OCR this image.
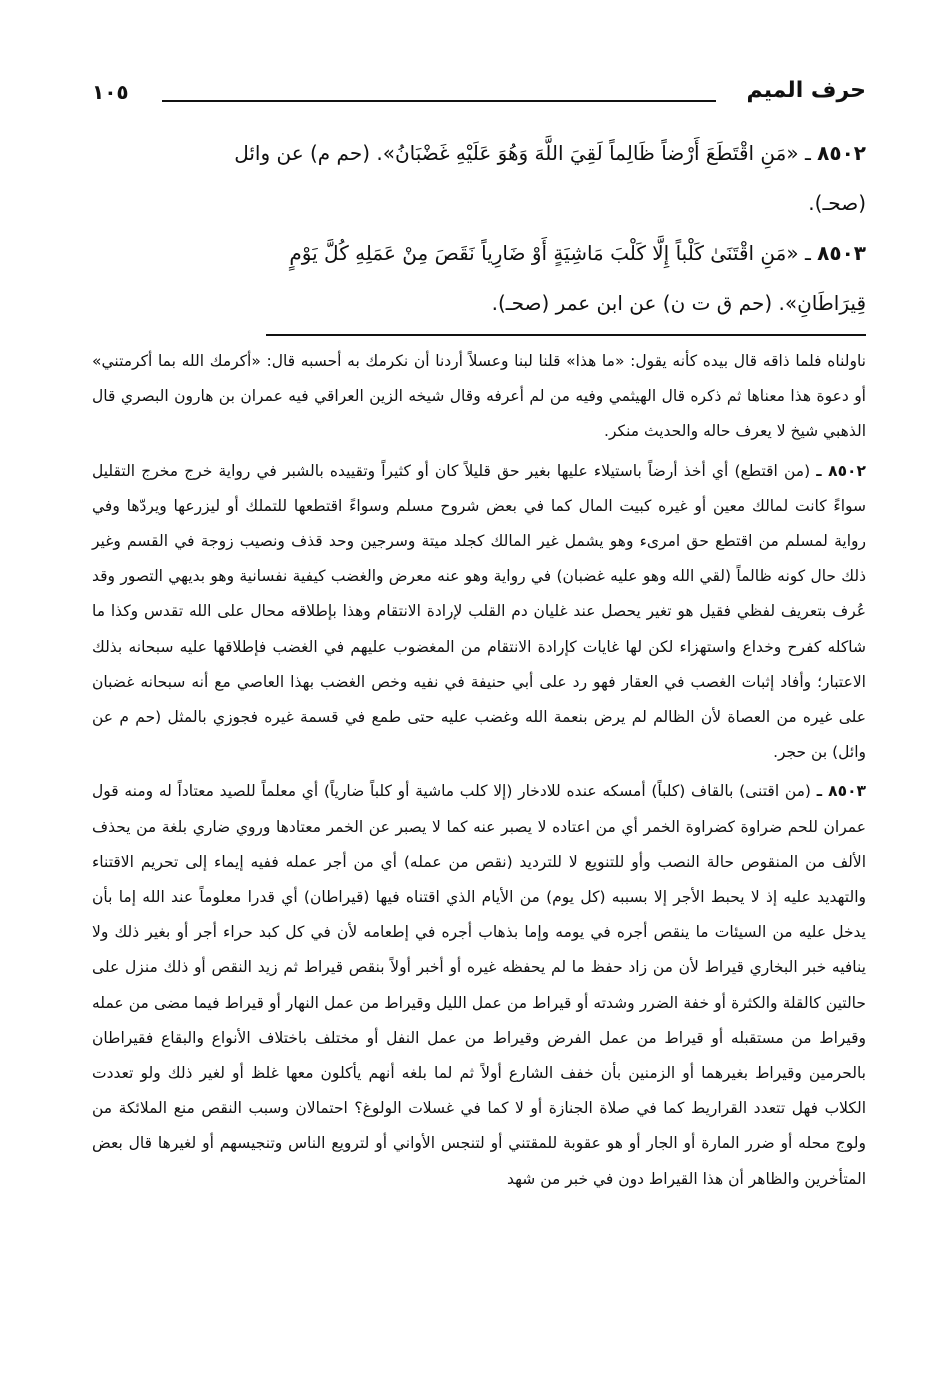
حرف الميم
١٠٥

٨٥٠٢ ـ «مَنِ اقْتَطَعَ أَرْضاً ظَالِماً لَقِيَ اللَّهَ وَهُوَ عَلَيْهِ غَضْبَانُ». (حم م) عن وائل

(صحـ).

٨٥٠٣ ـ «مَنِ اقْتَنَىٰ كَلْباً إِلَّا كَلْبَ مَاشِيَةٍ أَوْ ضَارِياً نَقَصَ مِنْ عَمَلِهِ كُلَّ يَوْمٍ

قِيرَاطَانِ». (حم ق ت ن) عن ابن عمر (صحـ).

ناولناه فلما ذاقه قال بيده كأنه يقول: «ما هذا» قلنا لبنا وعسلاً أردنا أن نكرمك به أحسبه قال: «أكرمك الله بما أكرمتني» أو دعوة هذا معناها ثم ذكره قال الهيثمي وفيه من لم أعرفه وقال شيخه الزين العراقي فيه عمران بن هارون البصري قال الذهبي شيخ لا يعرف حاله والحديث منكر.

٨٥٠٢ ـ (من اقتطع) أي أخذ أرضاً باستيلاء عليها بغير حق قليلاً كان أو كثيراً وتقييده بالشبر في رواية خرج مخرج التقليل سواءً كانت لمالك معين أو غيره كبيت المال كما في بعض شروح مسلم وسواءً اقتطعها للتملك أو ليزرعها ويردّها وفي رواية لمسلم من اقتطع حق امرىء وهو يشمل غير المالك كجلد ميتة وسرجين وحد قذف ونصيب زوجة في القسم وغير ذلك حال كونه ظالماً (لقي الله وهو عليه غضبان) في رواية وهو عنه معرض والغضب كيفية نفسانية وهو بديهي التصور وقد عُرف بتعريف لفظي فقيل هو تغير يحصل عند غليان دم القلب لإرادة الانتقام وهذا بإطلاقه محال على الله تقدس وكذا ما شاكله كفرح وخداع واستهزاء لكن لها غايات كإرادة الانتقام من المغضوب عليهم في الغضب فإطلاقها عليه سبحانه بذلك الاعتبار؛ وأفاد إثبات الغصب في العقار فهو رد على أبي حنيفة في نفيه وخص الغضب بهذا العاصي مع أنه سبحانه غضبان على غيره من العصاة لأن الظالم لم يرض بنعمة الله وغضب عليه حتى طمع في قسمة غيره فجوزي بالمثل (حم م عن وائل) بن حجر.

٨٥٠٣ ـ (من اقتنى) بالقاف (كلباً) أمسكه عنده للادخار (إلا كلب ماشية أو كلباً ضارياً) أي معلماً للصيد معتاداً له ومنه قول عمران للحم ضراوة كضراوة الخمر أي من اعتاده لا يصبر عنه كما لا يصبر عن الخمر معتادها وروي ضاري بلغة من يحذف الألف من المنقوص حالة النصب وأو للتنويع لا للترديد (نقص من عمله) أي من أجر عمله ففيه إيماء إلى تحريم الاقتناء والتهديد عليه إذ لا يحبط الأجر إلا بسببه (كل يوم) من الأيام الذي اقتناه فيها (قيراطان) أي قدرا معلوماً عند الله إما بأن يدخل عليه من السيئات ما ينقص أجره في يومه وإما بذهاب أجره في إطعامه لأن في كل كبد حراء أجر أو بغير ذلك ولا ينافيه خبر البخاري قيراط لأن من زاد حفظ ما لم يحفظه غيره أو أخبر أولاً بنقص قيراط ثم زيد النقص أو ذلك منزل على حالتين كالقلة والكثرة أو خفة الضرر وشدته أو قيراط من عمل الليل وقيراط من عمل النهار أو قيراط فيما مضى من عمله وقيراط من مستقبله أو قيراط من عمل الفرض وقيراط من عمل النفل أو مختلف باختلاف الأنواع والبقاع فقيراطان بالحرمين وقيراط بغيرهما أو الزمنين بأن خفف الشارع أولاً ثم لما بلغه أنهم يأكلون معها غلظ أو لغير ذلك ولو تعددت الكلاب فهل تتعدد القراريط كما في صلاة الجنازة أو لا كما في غسلات الولوغ؟ احتمالان وسبب النقص منع الملائكة من ولوج محله أو ضرر المارة أو الجار أو هو عقوبة للمقتني أو لتنجس الأواني أو لترويع الناس وتنجيسهم أو لغيرها قال بعض المتأخرين والظاهر أن هذا القيراط دون في خبر من شهد
